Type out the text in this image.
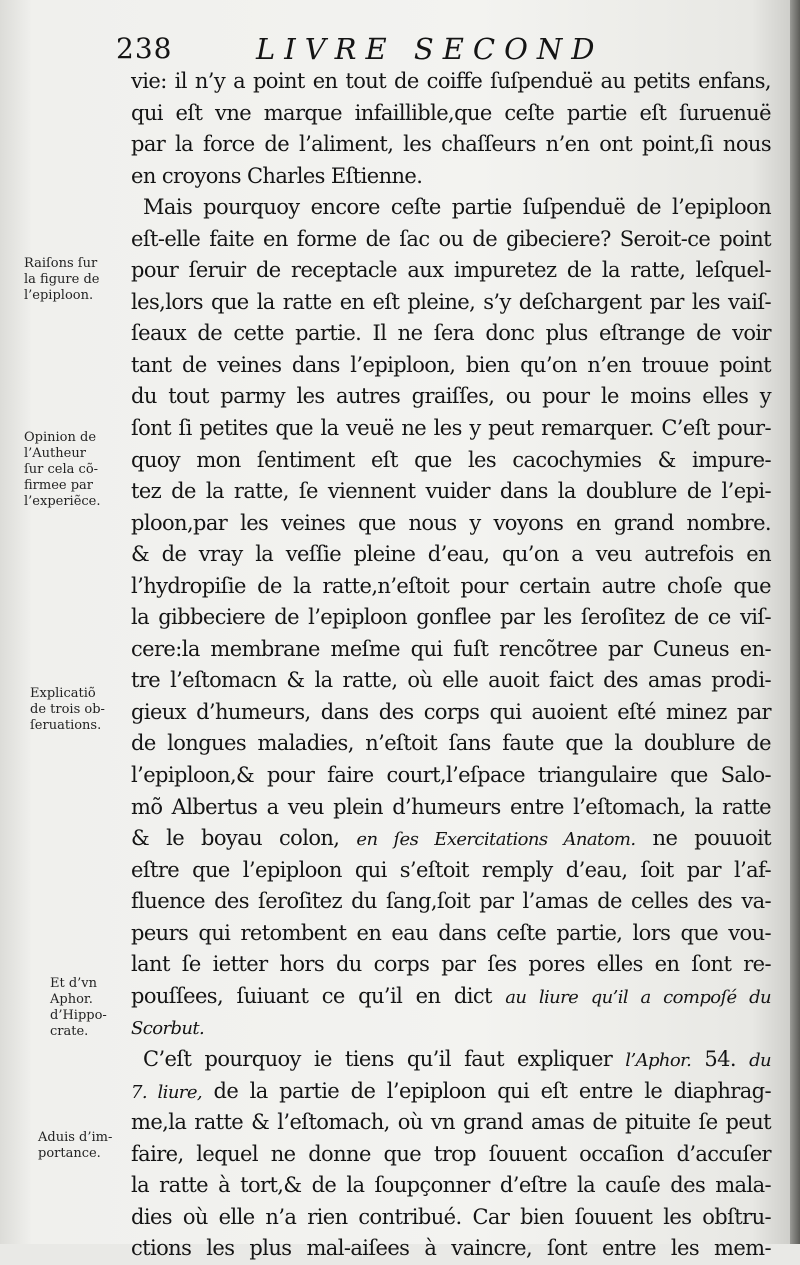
238	LIVRE SECOND
vie: il n’y a point en tout de coiffe ſuſpenduë au petits enfans,
qui eſt vne marque infaillible,que ceſte partie eſt ſuruenuë
par la force de l’aliment, les chaſſeurs n’en ont point,ſi nous
en croyons Charles Eſtienne.
Mais pourquoy encore ceſte partie ſuſpenduë de l’epiploon
eſt-elle faite en forme de ſac ou de gibeciere? Seroit-ce point
pour ſeruir de receptacle aux impuretez de la ratte, leſquel-
les,lors que la ratte en eſt pleine, s’y deſchargent par les vaiſ-
ſeaux de cette partie. Il ne ſera donc plus eſtrange de voir
tant de veines dans l’epiploon, bien qu’on n’en trouue point
du tout parmy les autres graiſſes, ou pour le moins elles y
ſont ſi petites que la veuë ne les y peut remarquer. C’eſt pour-
quoy mon ſentiment eſt que les cacochymies & impure-
tez de la ratte, ſe viennent vuider dans la doublure de l’epi-
ploon,par les veines que nous y voyons en grand nombre.
& de vray la veſſie pleine d’eau, qu’on a veu autrefois en
l’hydropiſie de la ratte,n’eſtoit pour certain autre choſe que
la gibbeciere de l’epiploon gonflee par les ſeroſitez de ce viſ-
cere:la membrane meſme qui fuſt rencõtree par Cuneus en-
tre l’eſtomacn & la ratte, où elle auoit faict des amas prodi-
gieux d’humeurs, dans des corps qui auoient eſté minez par
de longues maladies, n’eſtoit ſans faute que la doublure de
l’epiploon,& pour faire court,l’eſpace triangulaire que Salo-
mõ Albertus a veu plein d’humeurs entre l’eſtomach, la ratte
& le boyau colon, en ſes Exercitations Anatom. ne pouuoit
eſtre que l’epiploon qui s’eſtoit remply d’eau, ſoit par l’af-
fluence des ſeroſitez du ſang,ſoit par l’amas de celles des va-
peurs qui retombent en eau dans ceſte partie, lors que vou-
lant ſe ietter hors du corps par ſes pores elles en ſont re-
pouſſees, ſuiuant ce qu’il en dict au liure qu’il a compoſé du
Scorbut.
C’eſt pourquoy ie tiens qu’il faut expliquer l’Aphor. 54. du
7. liure, de la partie de l’epiploon qui eſt entre le diaphrag-
me,la ratte & l’eſtomach, où vn grand amas de pituite ſe peut
faire, lequel ne donne que trop ſouuent occaſion d’accuſer
la ratte à tort,& de la ſoupçonner d’eſtre la cauſe des mala-
dies où elle n’a rien contribué. Car bien ſouuent les obſtru-
ctions les plus mal-aiſees à vaincre, ſont entre les mem-
Raiſons ſur
la figure de
l’epiploon.
Opinion de
l’Autheur
ſur cela cõ-
firmee par
l’experiẽce.
Explicatiõ
de trois ob-
ſeruations.
Et d’vn
Aphor.
d’Hippo-
crate.
Aduis d’im-
portance.
